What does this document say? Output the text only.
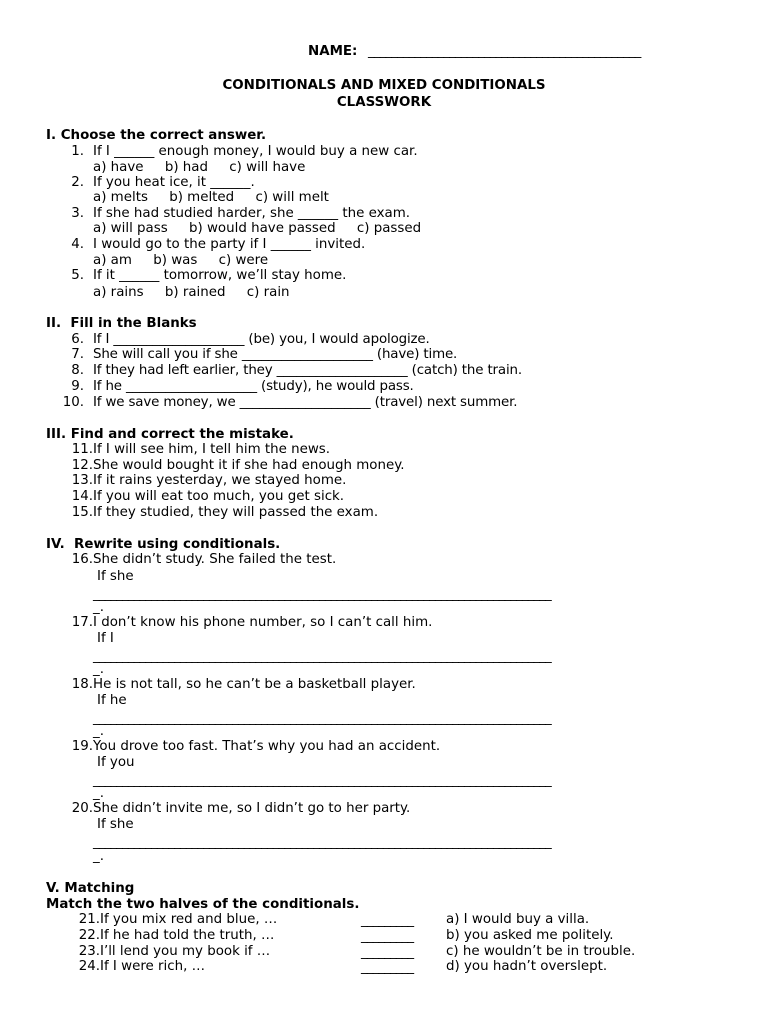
NAME: _______________________________________________
CONDITIONALS AND MIXED CONDITIONALS
CLASSWORK
I. Choose the correct answer.
1. If I ______ enough money, I would buy a new car.
a) have     b) had     c) will have
2. If you heat ice, it ______.
a) melts     b) melted     c) will melt
3. If she had studied harder, she ______ the exam.
a) will pass     b) would have passed     c) passed
4. I would go to the party if I ______ invited.
a) am     b) was     c) were
5. If it ______ tomorrow, we’ll stay home.
a) rains     b) rained     c) rain
II.  Fill in the Blanks
6. If I ____________________ (be) you, I would apologize.
7. She will call you if she ____________________ (have) time.
8. If they had left earlier, they ____________________ (catch) the train.
9. If he ____________________ (study), he would pass.
10. If we save money, we ____________________ (travel) next summer.
III. Find and correct the mistake.
11. If I will see him, I tell him the news.
12. She would bought it if she had enough money.
13. If it rains yesterday, we stayed home.
14. If you will eat too much, you get sick.
15. If they studied, they will passed the exam.
IV.  Rewrite using conditionals.
16. She didn’t study. She failed the test.
If she
_______________________________________________________________________________
_.
17. I don’t know his phone number, so I can’t call him.
If I
_______________________________________________________________________________
_.
18. He is not tall, so he can’t be a basketball player.
If he
_______________________________________________________________________________
_.
19. You drove too fast. That’s why you had an accident.
If you
_______________________________________________________________________________
_.
20. She didn’t invite me, so I didn’t go to her party.
If she
_______________________________________________________________________________
_.
V. Matching
Match the two halves of the conditionals.
21. If you mix red and blue, …	_________ a) I would buy a villa.
22. If he had told the truth, …	_________ b) you asked me politely.
23. I’ll lend you my book if …	_________ c) he wouldn’t be in trouble.
24. If I were rich, …	_________ d) you hadn’t overslept.
